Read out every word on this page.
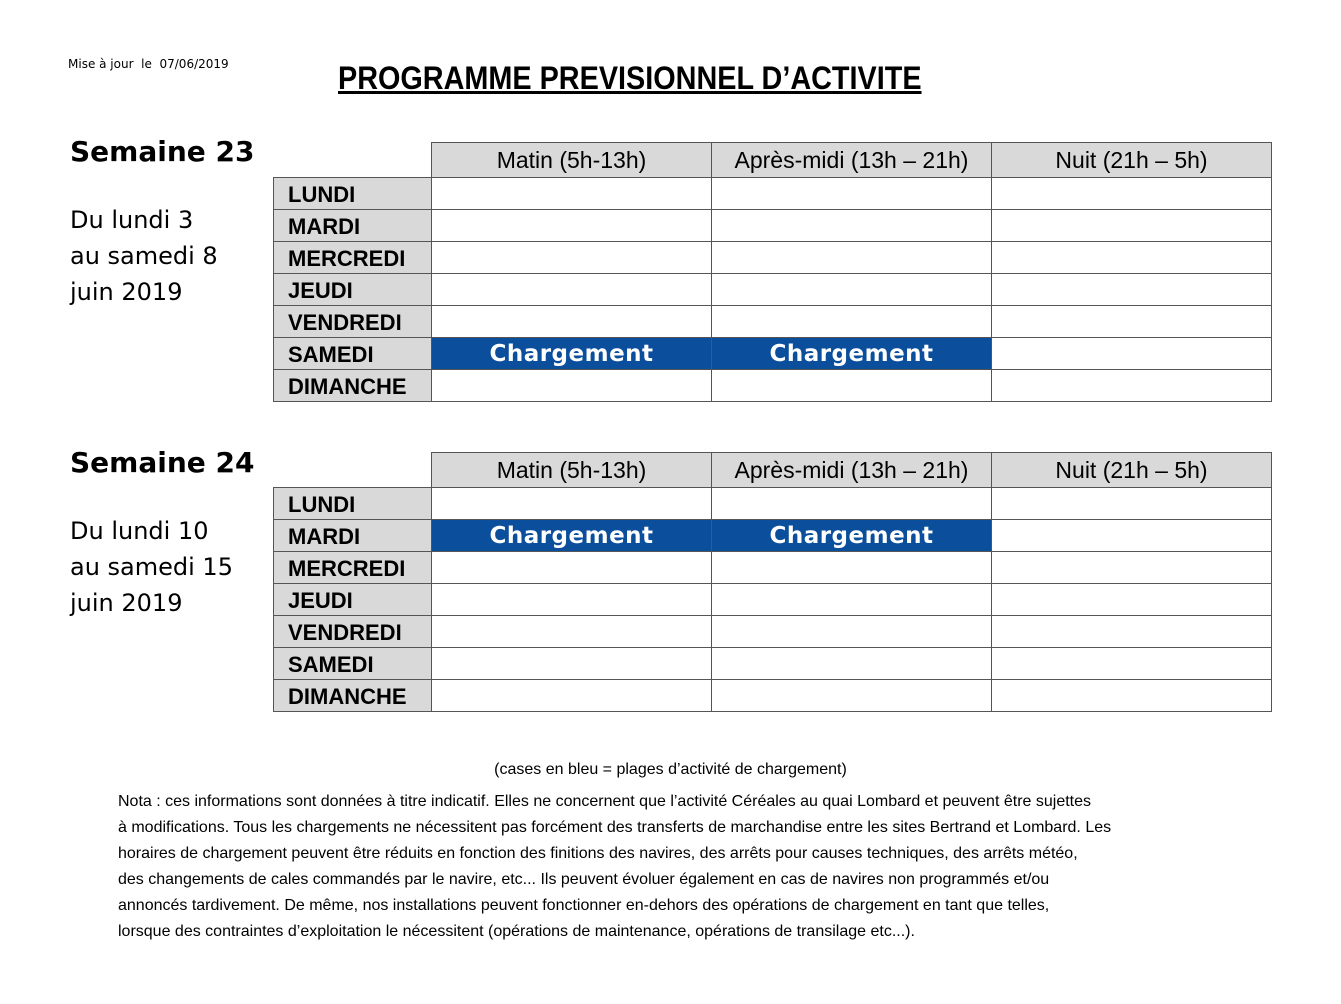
Mise à jour  le  07/06/2019	PROGRAMME PREVISIONNEL D’ACTIVITE
Semaine 23
Du lundi 3
au samedi 8
juin 2019
	Matin (5h-13h)	Après-midi (13h – 21h)	Nuit (21h – 5h)
LUNDI			
MARDI			
MERCREDI			
JEUDI			
VENDREDI			
SAMEDI	Chargement	Chargement	
DIMANCHE			
Semaine 24
Du lundi 10
au samedi 15
juin 2019
	Matin (5h-13h)	Après-midi (13h – 21h)	Nuit (21h – 5h)
LUNDI			
MARDI	Chargement	Chargement	
MERCREDI			
JEUDI			
VENDREDI			
SAMEDI			
DIMANCHE			
(cases en bleu = plages d’activité de chargement)

Nota : ces informations sont données à titre indicatif. Elles ne concernent que l’activité Céréales au quai Lombard et peuvent être sujettes

à modifications. Tous les chargements ne nécessitent pas forcément des transferts de marchandise entre les sites Bertrand et Lombard. Les

horaires de chargement peuvent être réduits en fonction des finitions des navires, des arrêts pour causes techniques, des arrêts météo,

des changements de cales commandés par le navire, etc... Ils peuvent évoluer également en cas de navires non programmés et/ou

annoncés tardivement. De même, nos installations peuvent fonctionner en-dehors des opérations de chargement en tant que telles,

lorsque des contraintes d’exploitation le nécessitent (opérations de maintenance, opérations de transilage etc...).
